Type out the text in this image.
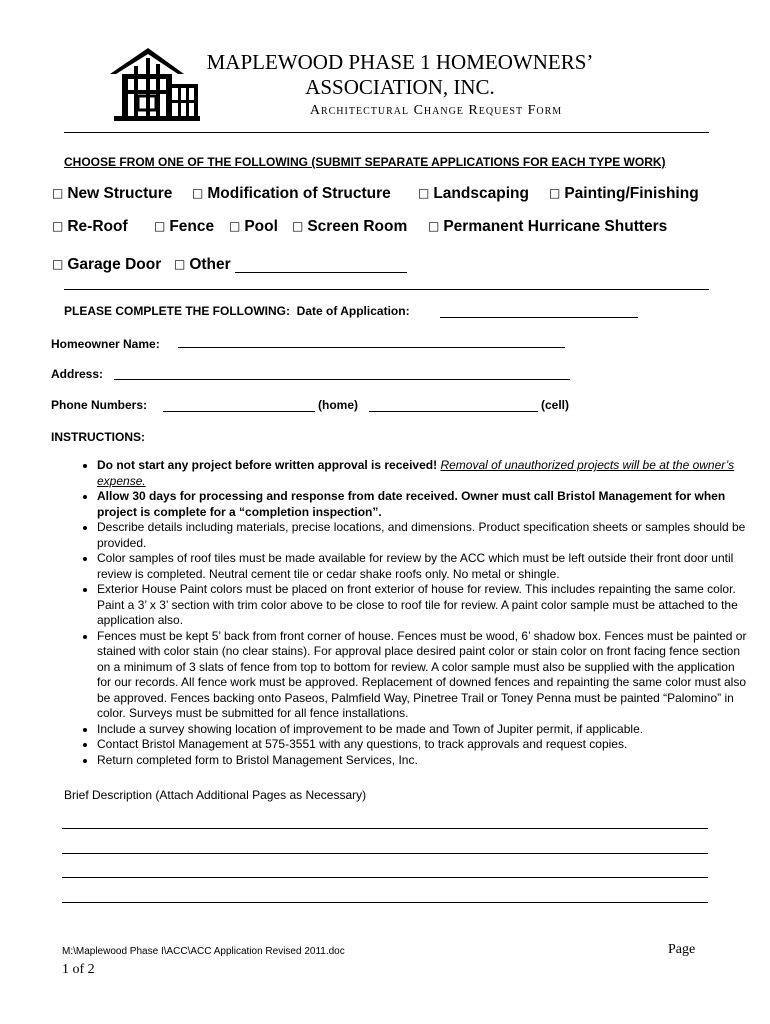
MAPLEWOOD PHASE 1 HOMEOWNERS’
ASSOCIATION, INC.
Architectural Change Request Form
CHOOSE FROM ONE OF THE FOLLOWING (SUBMIT SEPARATE APPLICATIONS FOR EACH TYPE WORK)
□ New Structure □ Modification of Structure □ Landscaping □ Painting/Finishing
□ Re-Roof □ Fence □ Pool □ Screen Room □ Permanent Hurricane Shutters
□ Garage Door □ Other
PLEASE COMPLETE THE FOLLOWING: Date of Application:
Homeowner Name:
Address:
Phone Numbers:	(home)	(cell)
INSTRUCTIONS:
• Do not start any project before written approval is received! Removal of unauthorized projects will be at the owner’s expense.
• Allow 30 days for processing and response from date received. Owner must call Bristol Management for when project is complete for a “completion inspection”.
• Describe details including materials, precise locations, and dimensions. Product specification sheets or samples should be provided.
• Color samples of roof tiles must be made available for review by the ACC which must be left outside their front door until review is completed. Neutral cement tile or cedar shake roofs only. No metal or shingle.
• Exterior House Paint colors must be placed on front exterior of house for review. This includes repainting the same color. Paint a 3’ x 3’ section with trim color above to be close to roof tile for review. A paint color sample must be attached to the application also.
• Fences must be kept 5’ back from front corner of house. Fences must be wood, 6’ shadow box. Fences must be painted or stained with color stain (no clear stains). For approval place desired paint color or stain color on front facing fence section on a minimum of 3 slats of fence from top to bottom for review. A color sample must also be supplied with the application for our records. All fence work must be approved. Replacement of downed fences and repainting the same color must also be approved. Fences backing onto Paseos, Palmfield Way, Pinetree Trail or Toney Penna must be painted “Palomino” in color. Surveys must be submitted for all fence installations.
• Include a survey showing location of improvement to be made and Town of Jupiter permit, if applicable.
• Contact Bristol Management at 575-3551 with any questions, to track approvals and request copies.
• Return completed form to Bristol Management Services, Inc.
Brief Description (Attach Additional Pages as Necessary)
M:\Maplewood Phase I\ACC\ACC Application Revised 2011.doc	Page
1 of 2
